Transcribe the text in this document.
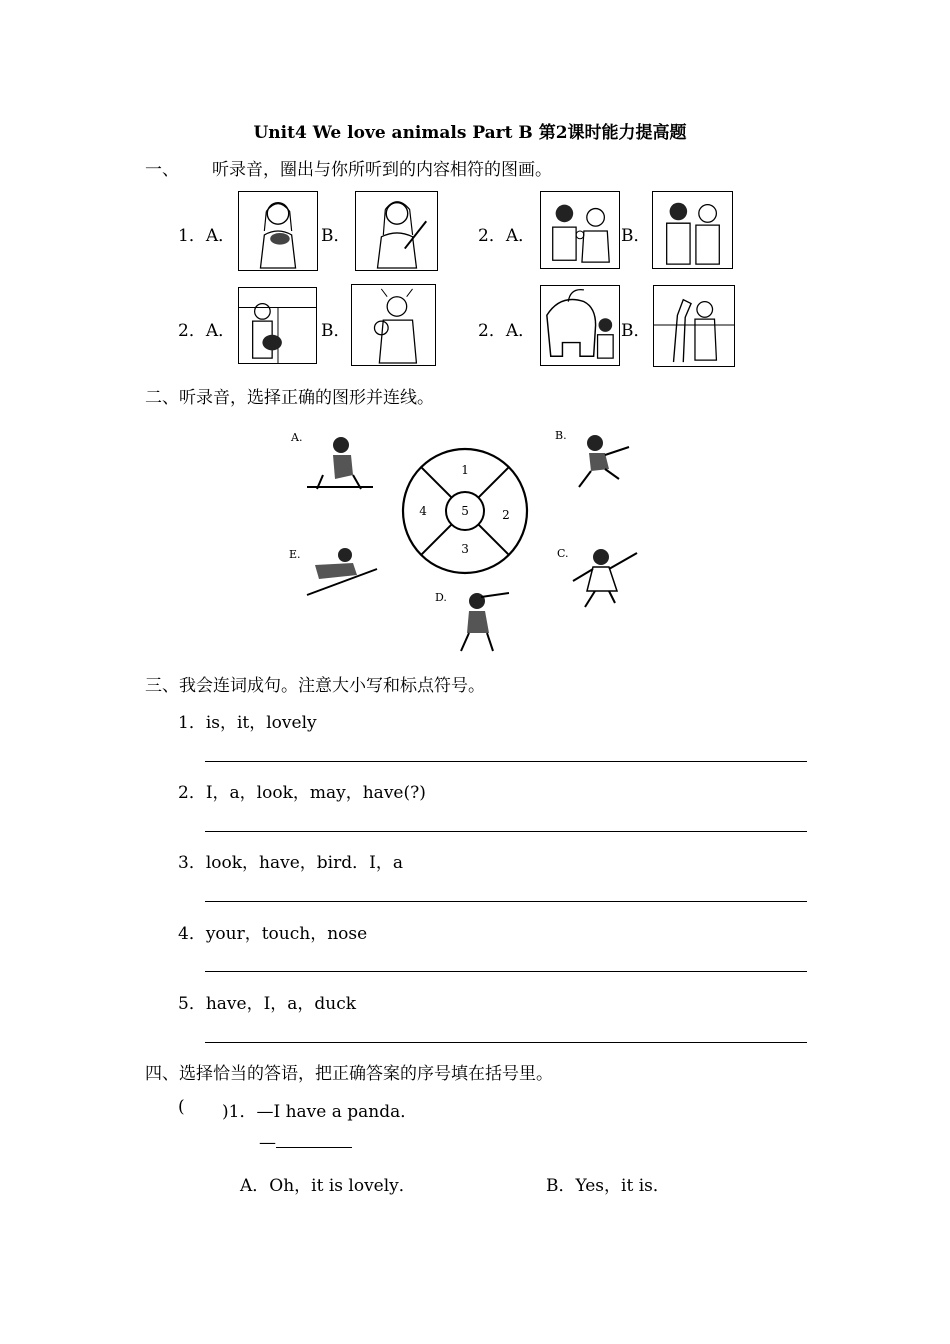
Unit4 We love animals Part B 第2课时能力提高题
一、 听录音，圈出与你所听到的内容相符的图画。
1．A．	B．	2．A．	B．
2．A．	B．	2．A．	B．
二、听录音，选择正确的图形并连线。
1
2
3
4	5
A.	B.
E.	C.
D.
三、我会连词成句。注意大小写和标点符号。
1．is，it，lovely
2．I，a，look，may，have(?)
3．look，have，bird．I，a
4．your，touch，nose
5．have，I，a，duck
四、选择恰当的答语，把正确答案的序号填在括号里。
( )1．—I have a panda．
—
A．Oh，it is lovely．	B．Yes，it is．
